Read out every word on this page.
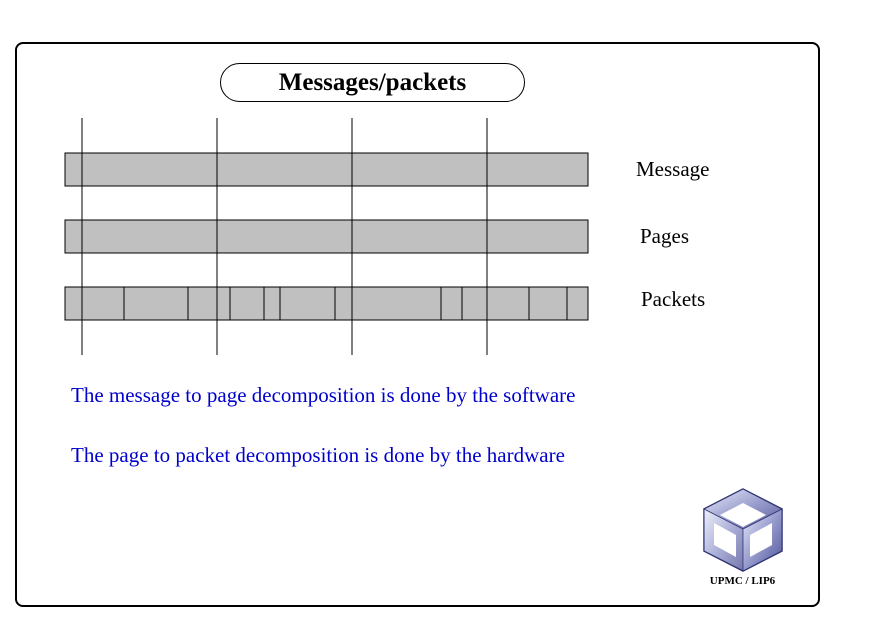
Messages/packets
Message
Pages
Packets
The message to page decomposition is done by the software
The page to packet decomposition is done by the hardware
UPMC / LIP6
